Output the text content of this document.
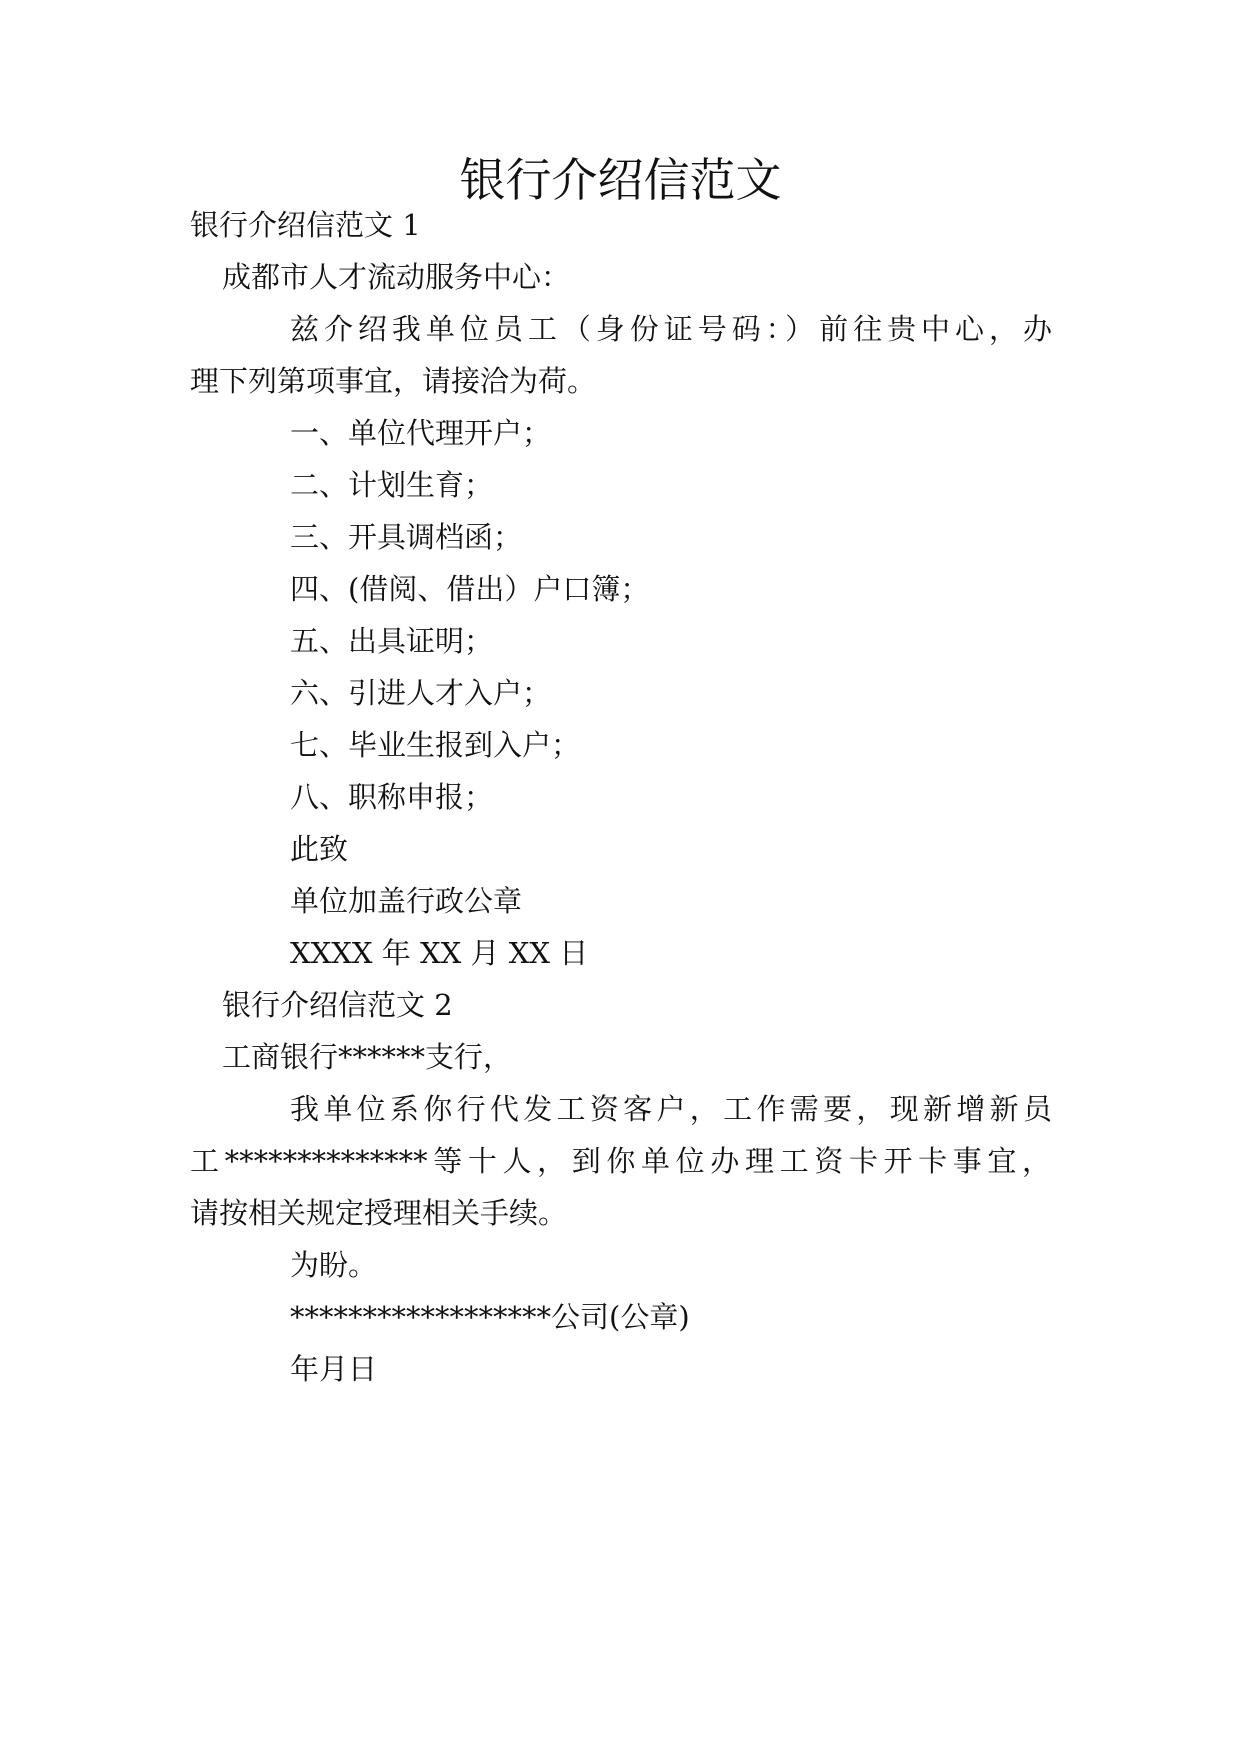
银行介绍信范文
银行介绍信范文 1
成都市人才流动服务中心：
兹介绍我单位员工（身份证号码：）前往贵中心，办
理下列第项事宜，请接洽为荷。
一、单位代理开户；
二、计划生育；
三、开具调档函；
四、(借阅、借出）户口簿；
五、出具证明；
六、引进人才入户；
七、毕业生报到入户；
八、职称申报；
此致
单位加盖行政公章
XXXX 年 XX 月 XX 日
银行介绍信范文 2
工商银行******支行，
我单位系你行代发工资客户，工作需要，现新增新员
工**************等十人，到你单位办理工资卡开卡事宜，
请按相关规定授理相关手续。
为盼。
******************公司(公章)
年月日
